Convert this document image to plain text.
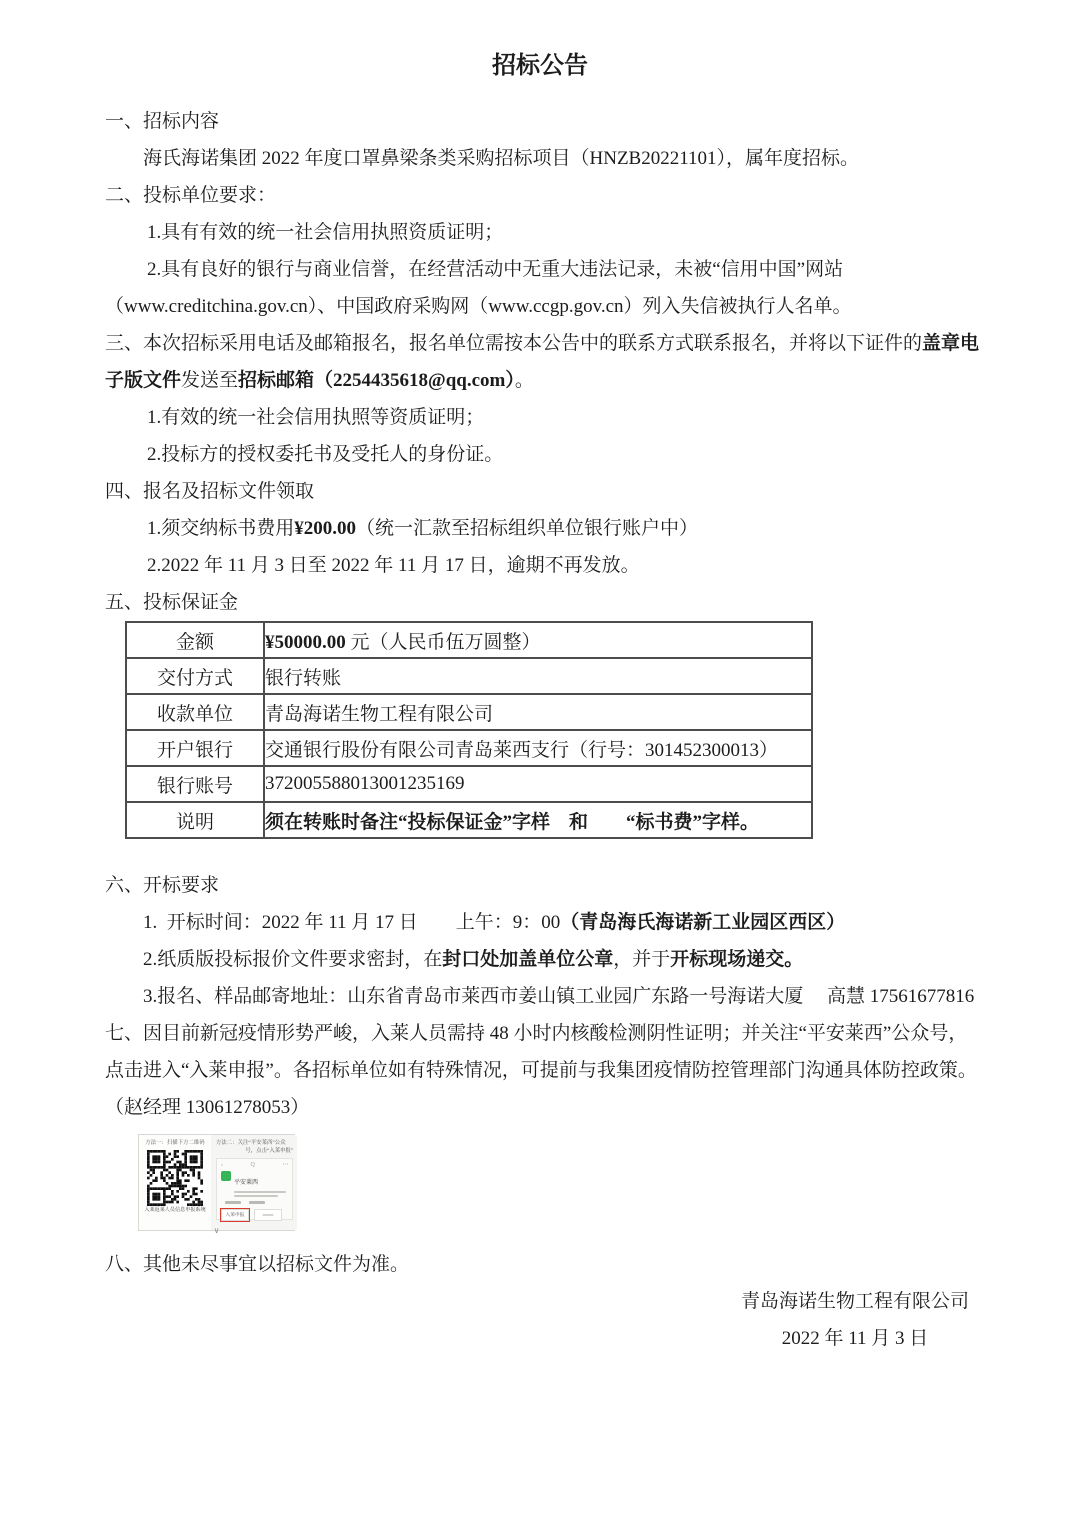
招标公告
一、招标内容
海氏海诺集团 2022 年度口罩鼻梁条类采购招标项目（HNZB20221101），属年度招标。
二、投标单位要求：
1.具有有效的统一社会信用执照资质证明；
2.具有良好的银行与商业信誉，在经营活动中无重大违法记录，未被“信用中国”网站
（www.creditchina.gov.cn）、中国政府采购网（www.ccgp.gov.cn）列入失信被执行人名单。
三、本次招标采用电话及邮箱报名，报名单位需按本公告中的联系方式联系报名，并将以下证件的盖章电
子版文件发送至招标邮箱（2254435618@qq.com）。
1.有效的统一社会信用执照等资质证明；
2.投标方的授权委托书及受托人的身份证。
四、报名及招标文件领取
1.须交纳标书费用¥200.00（统一汇款至招标组织单位银行账户中）
2.2022 年 11 月 3 日至 2022 年 11 月 17 日，逾期不再发放。
五、投标保证金
金额	¥50000.00 元（人民币伍万圆整）
交付方式	银行转账
收款单位	青岛海诺生物工程有限公司
开户银行	交通银行股份有限公司青岛莱西支行（行号：301452300013）
银行账号	372005588013001235169
说明	须在转账时备注“投标保证金”字样　和　　“标书费”字样。
六、开标要求
1.  开标时间：2022 年 11 月 17 日　　上午：9：00（青岛海氏海诺新工业园区西区）
2.纸质版投标报价文件要求密封，在封口处加盖单位公章，并于开标现场递交。
3.报名、样品邮寄地址：山东省青岛市莱西市姜山镇工业园广东路一号海诺大厦　 高慧 17561677816
七、因目前新冠疫情形势严峻，入莱人员需持 48 小时内核酸检测阴性证明；并关注“平安莱西”公众号，
点击进入“入莱申报”。各招标单位如有特殊情况，可提前与我集团疫情防控管理部门沟通具体防控政策。
（赵经理 13061278053）
方法一：扫描下方二维码
入莱返莱人员信息申报系统
方法二：关注“平安莱西”公众
号，点击“入莱申报”
‹	Q	⋯
平安莱西
入莱申报
∨
八、其他未尽事宜以招标文件为准。
青岛海诺生物工程有限公司
2022 年 11 月 3 日
